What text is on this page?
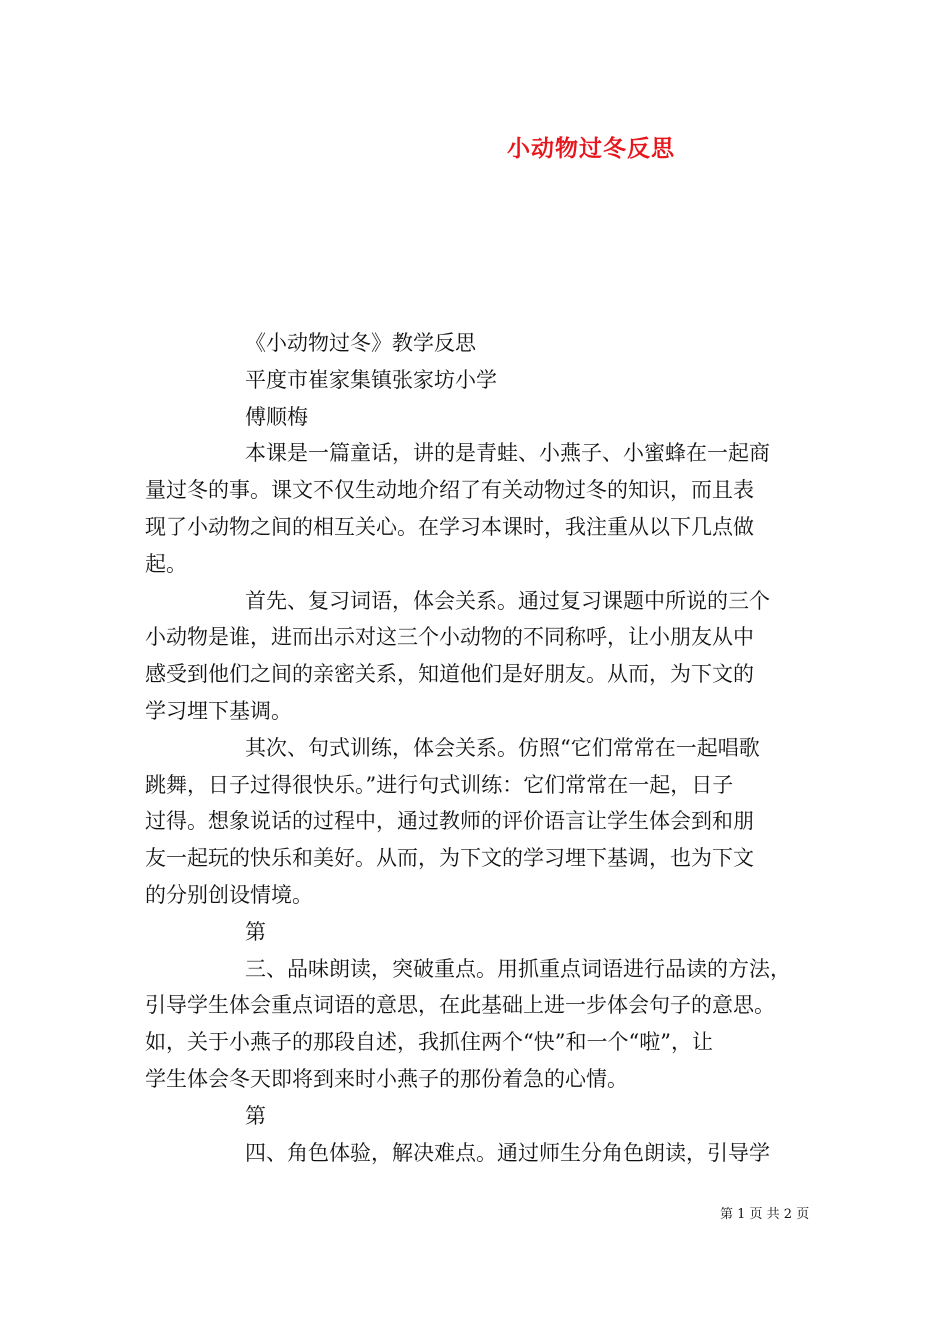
小动物过冬反思
《小动物过冬》教学反思
平度市崔家集镇张家坊小学
傅顺梅
本课是一篇童话，讲的是青蛙、小燕子、小蜜蜂在一起商
量过冬的事。课文不仅生动地介绍了有关动物过冬的知识，而且表
现了小动物之间的相互关心。在学习本课时，我注重从以下几点做
起。
首先、复习词语，体会关系。通过复习课题中所说的三个
小动物是谁，进而出示对这三个小动物的不同称呼，让小朋友从中
感受到他们之间的亲密关系，知道他们是好朋友。从而，为下文的
学习埋下基调。
其次、句式训练，体会关系。仿照“它们常常在一起唱歌
跳舞，日子过得很快乐。”进行句式训练：它们常常在一起，日子
过得。想象说话的过程中，通过教师的评价语言让学生体会到和朋
友一起玩的快乐和美好。从而，为下文的学习埋下基调，也为下文
的分别创设情境。
第
三、品味朗读，突破重点。用抓重点词语进行品读的方法，
引导学生体会重点词语的意思，在此基础上进一步体会句子的意思。
如，关于小燕子的那段自述，我抓住两个“快”和一个“啦”，让
学生体会冬天即将到来时小燕子的那份着急的心情。
第
四、角色体验，解决难点。通过师生分角色朗读，引导学
第 1 页 共 2 页
